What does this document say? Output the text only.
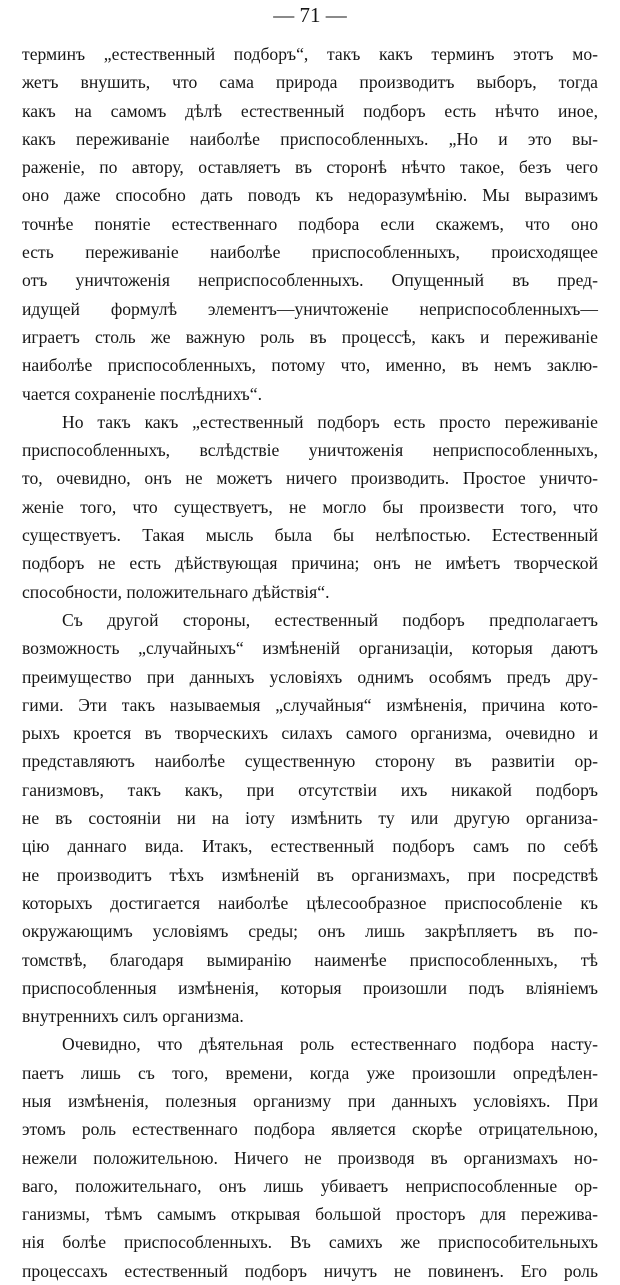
— 71 —
терминъ „естественный подборъ“, такъ какъ терминъ этотъ мо-
жетъ внушить, что сама природа производитъ выборъ, тогда
какъ на самомъ дѣлѣ естественный подборъ есть нѣчто иное,
какъ переживаніе наиболѣе приспособленныхъ. „Но и это вы-
раженіе, по автору, оставляетъ въ сторонѣ нѣчто такое, безъ чего
оно даже способно дать поводъ къ недоразумѣнію. Мы выразимъ
точнѣе понятіе естественнаго подбора если скажемъ, что оно
есть переживаніе наиболѣе приспособленныхъ, происходящее
отъ уничтоженія неприспособленныхъ. Опущенный въ пред-
идущей формулѣ элементъ—уничтоженіе неприспособленныхъ—
играетъ столь же важную роль въ процессѣ, какъ и переживаніе
наиболѣе приспособленныхъ, потому что, именно, въ немъ заклю-
чается сохраненіе послѣднихъ“.
Но такъ какъ „естественный подборъ есть просто переживаніе
приспособленныхъ, вслѣдствіе уничтоженія неприспособленныхъ,
то, очевидно, онъ не можетъ ничего производить. Простое уничто-
женіе того, что существуетъ, не могло бы произвести того, что
существуетъ. Такая мысль была бы нелѣпостью. Естественный
подборъ не есть дѣйствующая причина; онъ не имѣетъ творческой
способности, положительнаго дѣйствія“.
Съ другой стороны, естественный подборъ предполагаетъ
возможность „случайныхъ“ измѣненій организаціи, которыя даютъ
преимущество при данныхъ условіяхъ однимъ особямъ предъ дру-
гими. Эти такъ называемыя „случайныя“ измѣненія, причина кото-
рыхъ кроется въ творческихъ силахъ самого организма, очевидно и
представляютъ наиболѣе существенную сторону въ развитіи ор-
ганизмовъ, такъ какъ, при отсутствіи ихъ никакой подборъ
не въ состояніи ни на іоту измѣнить ту или другую организа-
цію даннаго вида. Итакъ, естественный подборъ самъ по себѣ
не производитъ тѣхъ измѣненій въ организмахъ, при посредствѣ
которыхъ достигается наиболѣе цѣлесообразное приспособленіе къ
окружающимъ условіямъ среды; онъ лишь закрѣпляетъ въ по-
томствѣ, благодаря вымиранію наименѣе приспособленныхъ, тѣ
приспособленныя измѣненія, которыя произошли подъ вліяніемъ
внутреннихъ силъ организма.
Очевидно, что дѣятельная роль естественнаго подбора насту-
паетъ лишь съ того, времени, когда уже произошли опредѣлен-
ныя измѣненія, полезныя организму при данныхъ условіяхъ. При
этомъ роль естественнаго подбора является скорѣе отрицательною,
нежели положительною. Ничего не производя въ организмахъ но-
ваго, положительнаго, онъ лишь убиваетъ неприспособленные ор-
ганизмы, тѣмъ самымъ открывая большой просторъ для пережива-
нія болѣе приспособленныхъ. Въ самихъ же приспособительныхъ
процессахъ естественный подборъ ничутъ не повиненъ. Его роль
